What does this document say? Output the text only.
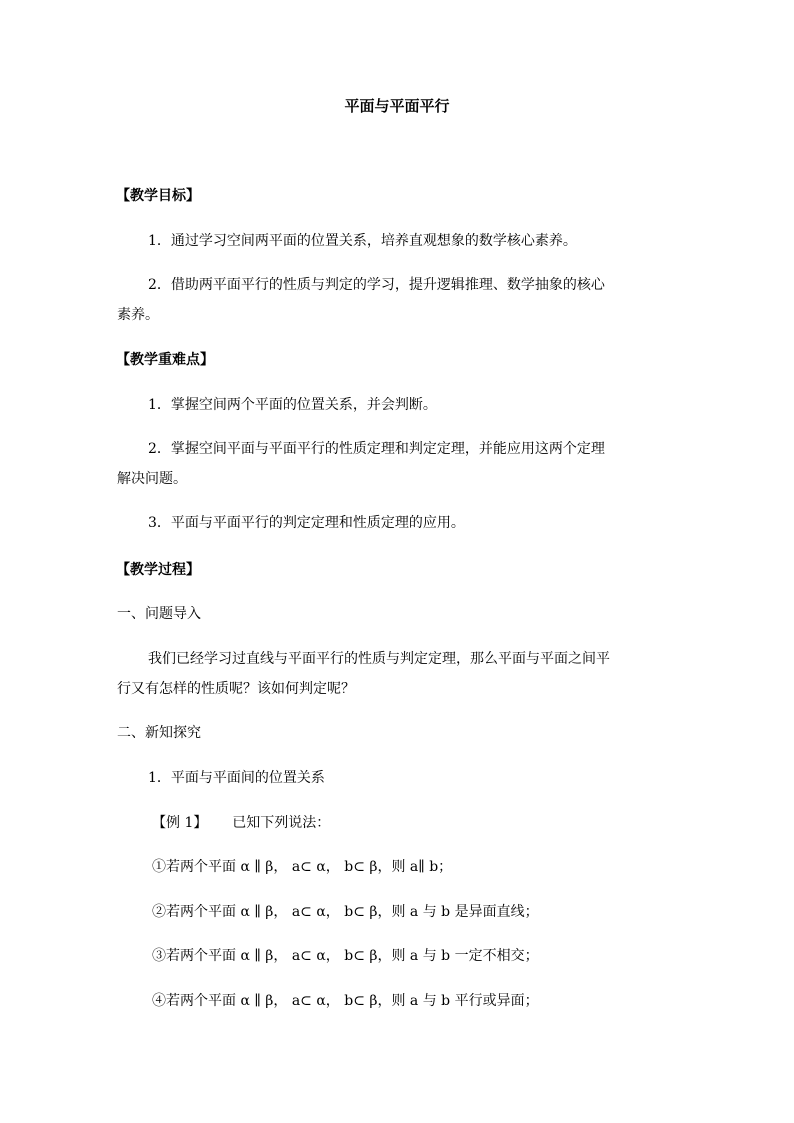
平面与平面平行
【教学目标】
1．通过学习空间两平面的位置关系，培养直观想象的数学核心素养。
2．借助两平面平行的性质与判定的学习，提升逻辑推理、数学抽象的核心
素养。
【教学重难点】
1．掌握空间两个平面的位置关系，并会判断。
2．掌握空间平面与平面平行的性质定理和判定定理，并能应用这两个定理
解决问题。
3．平面与平面平行的判定定理和性质定理的应用。
【教学过程】
一、问题导入
我们已经学习过直线与平面平行的性质与判定定理，那么平面与平面之间平
行又有怎样的性质呢？该如何判定呢？
二、新知探究
1．平面与平面间的位置关系
【例 1】 已知下列说法：
①若两个平面 α ∥ β， a⊂ α， b⊂ β，则 a∥ b；
②若两个平面 α ∥ β， a⊂ α， b⊂ β，则 a 与 b 是异面直线；
③若两个平面 α ∥ β， a⊂ α， b⊂ β，则 a 与 b 一定不相交；
④若两个平面 α ∥ β， a⊂ α， b⊂ β，则 a 与 b 平行或异面；
